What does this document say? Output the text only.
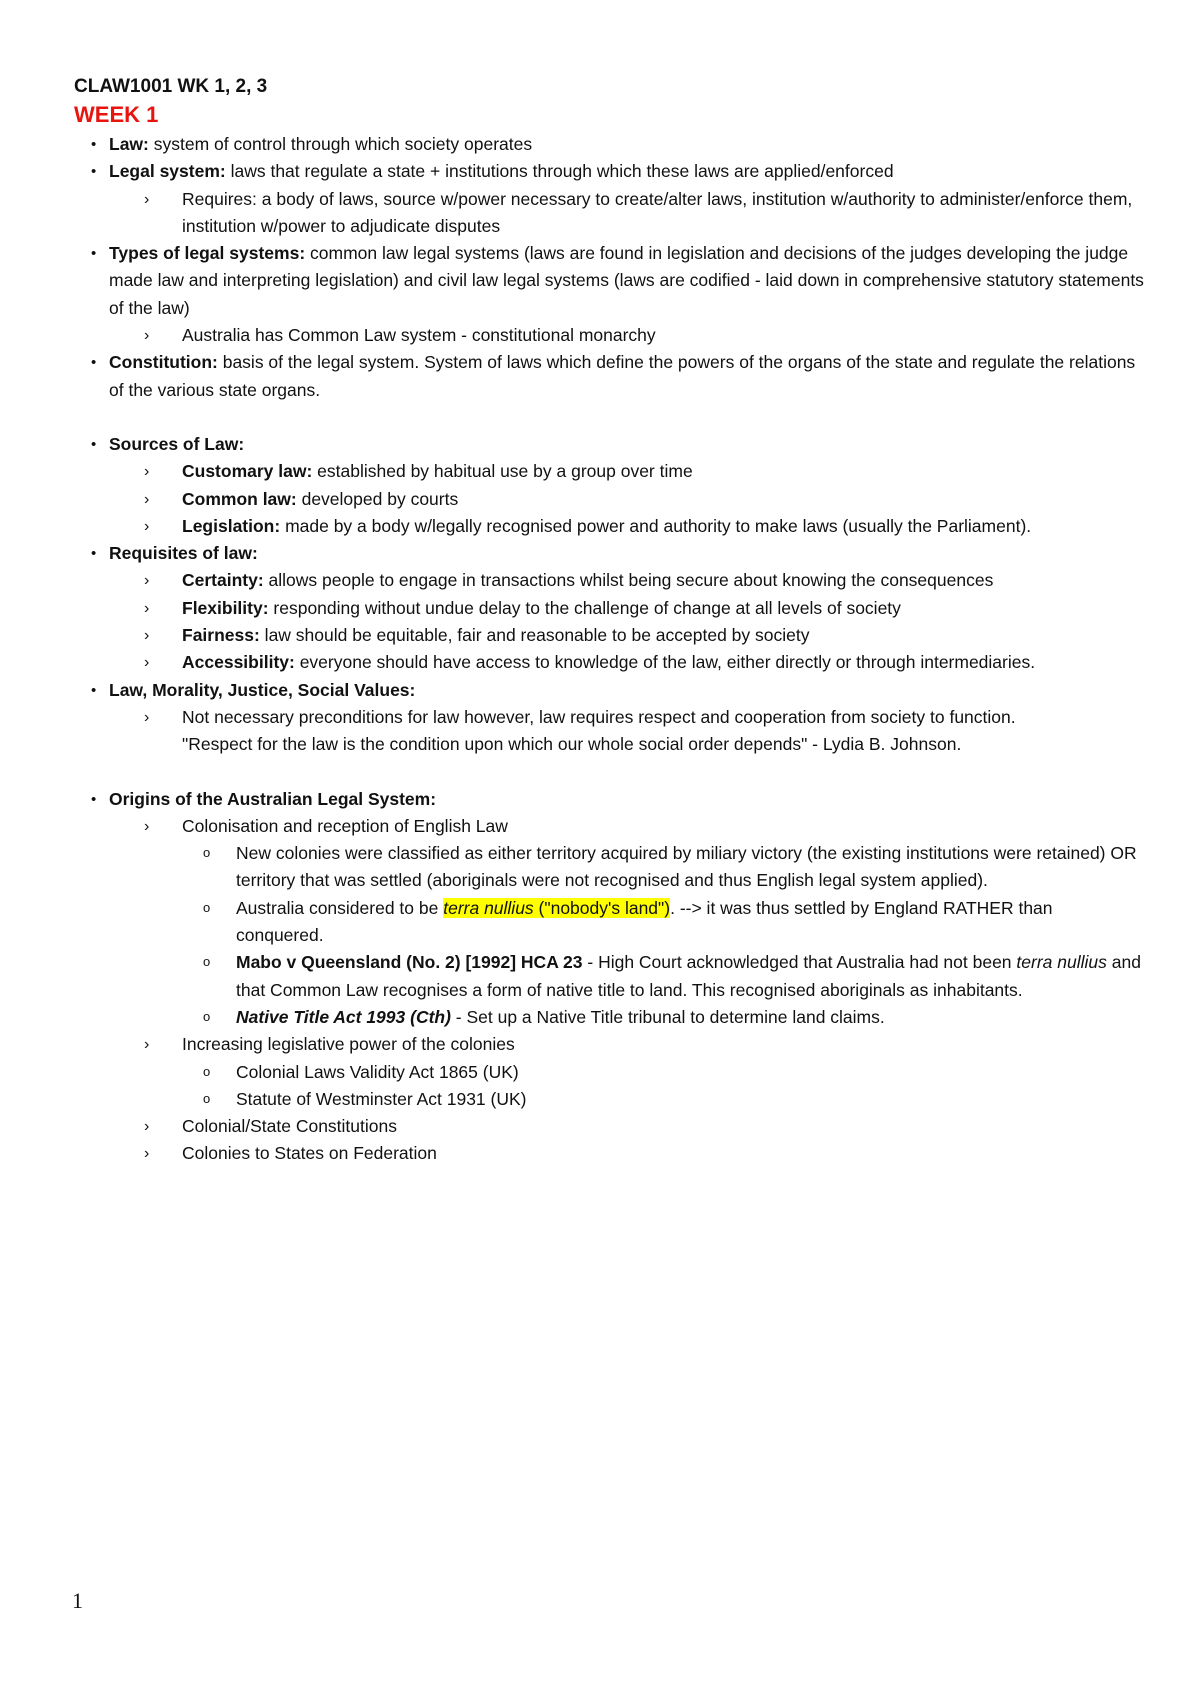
CLAW1001 WK 1, 2, 3
WEEK 1
• Law: system of control through which society operates
• Legal system: laws that regulate a state + institutions through which these laws are applied/enforced
› Requires: a body of laws, source w/power necessary to create/alter laws, institution w/authority to administer/enforce them, institution w/power to adjudicate disputes
• Types of legal systems: common law legal systems (laws are found in legislation and decisions of the judges developing the judge made law and interpreting legislation) and civil law legal systems (laws are codified - laid down in comprehensive statutory statements of the law)
› Australia has Common Law system - constitutional monarchy
• Constitution: basis of the legal system. System of laws which define the powers of the organs of the state and regulate the relations of the various state organs.
• Sources of Law:
› Customary law: established by habitual use by a group over time
› Common law: developed by courts
› Legislation: made by a body w/legally recognised power and authority to make laws (usually the Parliament).
• Requisites of law:
› Certainty: allows people to engage in transactions whilst being secure about knowing the consequences
› Flexibility: responding without undue delay to the challenge of change at all levels of society
› Fairness: law should be equitable, fair and reasonable to be accepted by society
› Accessibility: everyone should have access to knowledge of the law, either directly or through intermediaries.
• Law, Morality, Justice, Social Values:
› Not necessary preconditions for law however, law requires respect and cooperation from society to function.
"Respect for the law is the condition upon which our whole social order depends" - Lydia B. Johnson.
• Origins of the Australian Legal System:
› Colonisation and reception of English Law
o New colonies were classified as either territory acquired by miliary victory (the existing institutions were retained) OR territory that was settled (aboriginals were not recognised and thus English legal system applied).
o Australia considered to be terra nullius ("nobody's land"). --> it was thus settled by England RATHER than conquered.
o Mabo v Queensland (No. 2) [1992] HCA 23 - High Court acknowledged that Australia had not been terra nullius and that Common Law recognises a form of native title to land. This recognised aboriginals as inhabitants.
o Native Title Act 1993 (Cth) - Set up a Native Title tribunal to determine land claims.
› Increasing legislative power of the colonies
o Colonial Laws Validity Act 1865 (UK)
o Statute of Westminster Act 1931 (UK)
› Colonial/State Constitutions
› Colonies to States on Federation
1
